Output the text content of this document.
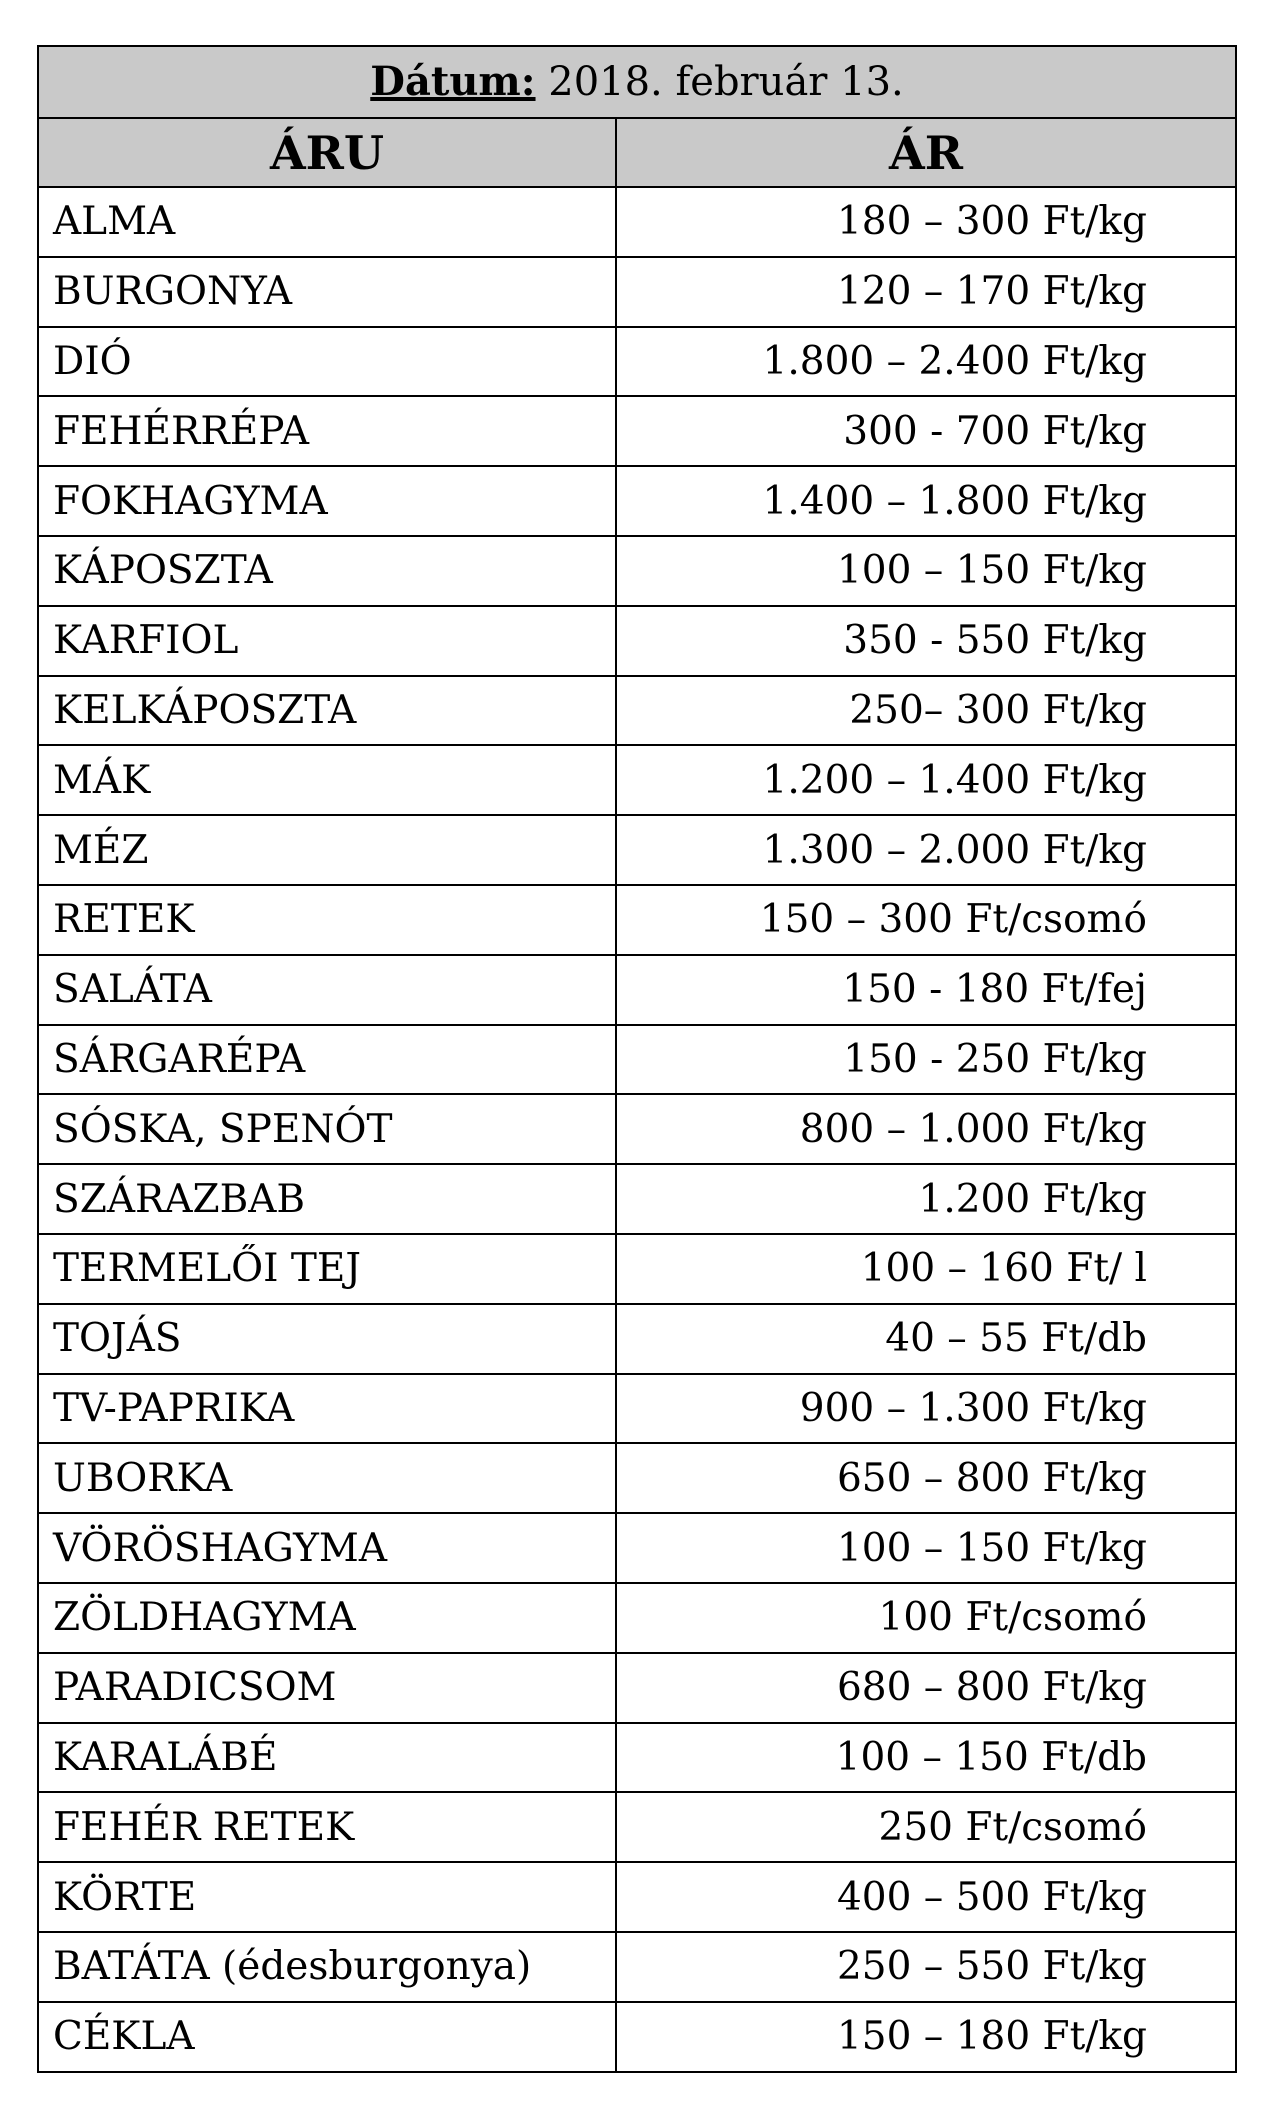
Dátum: 2018. február 13.	
ÁRU	ÁR
ALMA	180 – 300 Ft/kg
BURGONYA	120 – 170 Ft/kg
DIÓ	1.800 – 2.400 Ft/kg
FEHÉRRÉPA	300 - 700 Ft/kg
FOKHAGYMA	1.400 – 1.800 Ft/kg
KÁPOSZTA	100 – 150 Ft/kg
KARFIOL	350 - 550 Ft/kg
KELKÁPOSZTA	250– 300 Ft/kg
MÁK	1.200 – 1.400 Ft/kg
MÉZ	1.300 – 2.000 Ft/kg
RETEK	150 – 300 Ft/csomó
SALÁTA	150 - 180 Ft/fej
SÁRGARÉPA	150 - 250 Ft/kg
SÓSKA, SPENÓT	800 – 1.000 Ft/kg
SZÁRAZBAB	1.200 Ft/kg
TERMELŐI TEJ	100 – 160 Ft/ l
TOJÁS	40 – 55 Ft/db
TV-PAPRIKA	900 – 1.300 Ft/kg
UBORKA	650 – 800 Ft/kg
VÖRÖSHAGYMA	100 – 150 Ft/kg
ZÖLDHAGYMA	100 Ft/csomó
PARADICSOM	680 – 800 Ft/kg
KARALÁBÉ	100 – 150 Ft/db
FEHÉR RETEK	250 Ft/csomó
KÖRTE	400 – 500 Ft/kg
BATÁTA (édesburgonya)	250 – 550 Ft/kg
CÉKLA	150 – 180 Ft/kg
